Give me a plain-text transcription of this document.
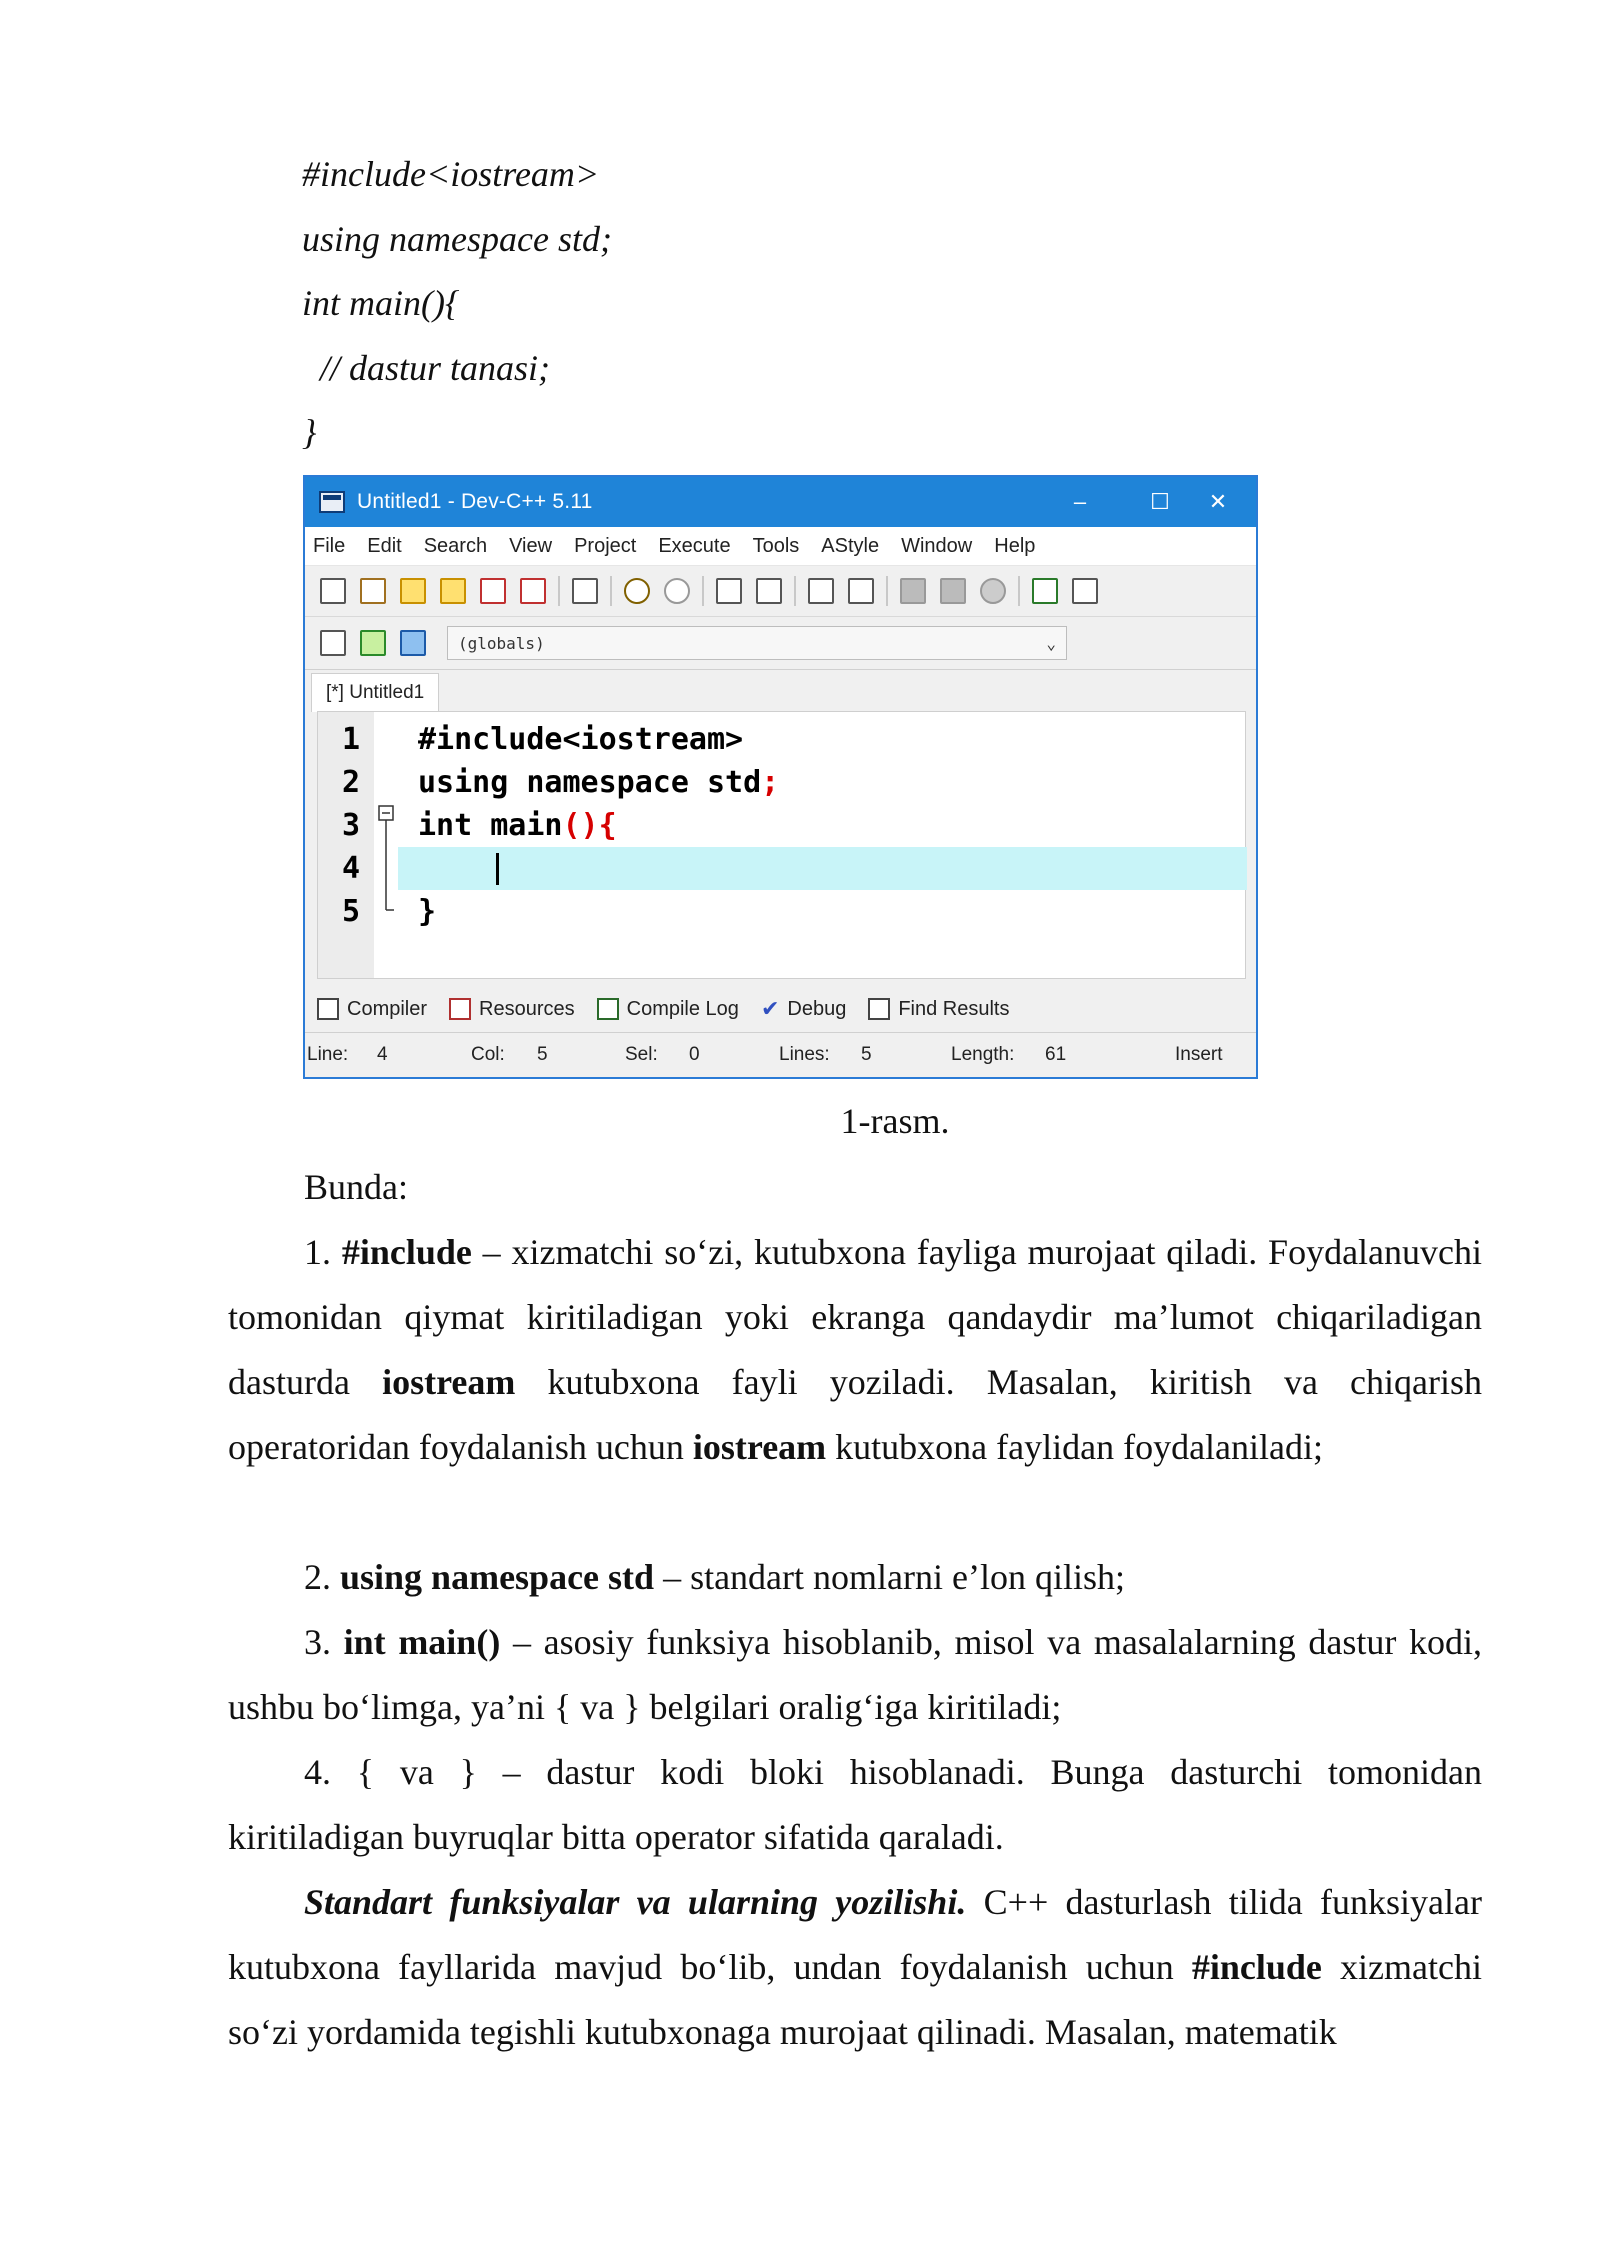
#include<iostream>
using namespace std;
int main(){
// dastur tanasi;
}
Untitled1 - Dev-C++ 5.11	–	☐	✕
File Edit Search View Project Execute Tools AStyle Window Help
(globals)	⌄
[*] Untitled1
1	#include<iostream>
2	using namespace std;
3	int main(){
4
5	}
Compiler	Resources	Compile Log ✔ Debug	Find Results
Line: 4	Col: 5	Sel: 0	Lines: 5	Length: 61	Insert
1-rasm.
Bunda:
1. #include – xizmatchi so‘zi, kutubxona fayliga murojaat qiladi. Foydalanuvchi tomonidan qiymat kiritiladigan yoki ekranga qandaydir ma’lumot chiqariladigan dasturda iostream kutubxona fayli yoziladi. Masalan, kiritish va chiqarish operatoridan foydalanish uchun iostream kutubxona faylidan foydalaniladi;
2. using namespace std – standart nomlarni e’lon qilish;
3. int main() – asosiy funksiya hisoblanib, misol va masalalarning dastur kodi, ushbu bo‘limga, ya’ni { va } belgilari oralig‘iga kiritiladi;
4. { va } – dastur kodi bloki hisoblanadi. Bunga dasturchi tomonidan kiritiladigan buyruqlar bitta operator sifatida qaraladi.
Standart funksiyalar va ularning yozilishi. C++ dasturlash tilida funksiyalar kutubxona fayllarida mavjud bo‘lib, undan foydalanish uchun #include xizmatchi so‘zi yordamida tegishli kutubxonaga murojaat qilinadi. Masalan, matematik
